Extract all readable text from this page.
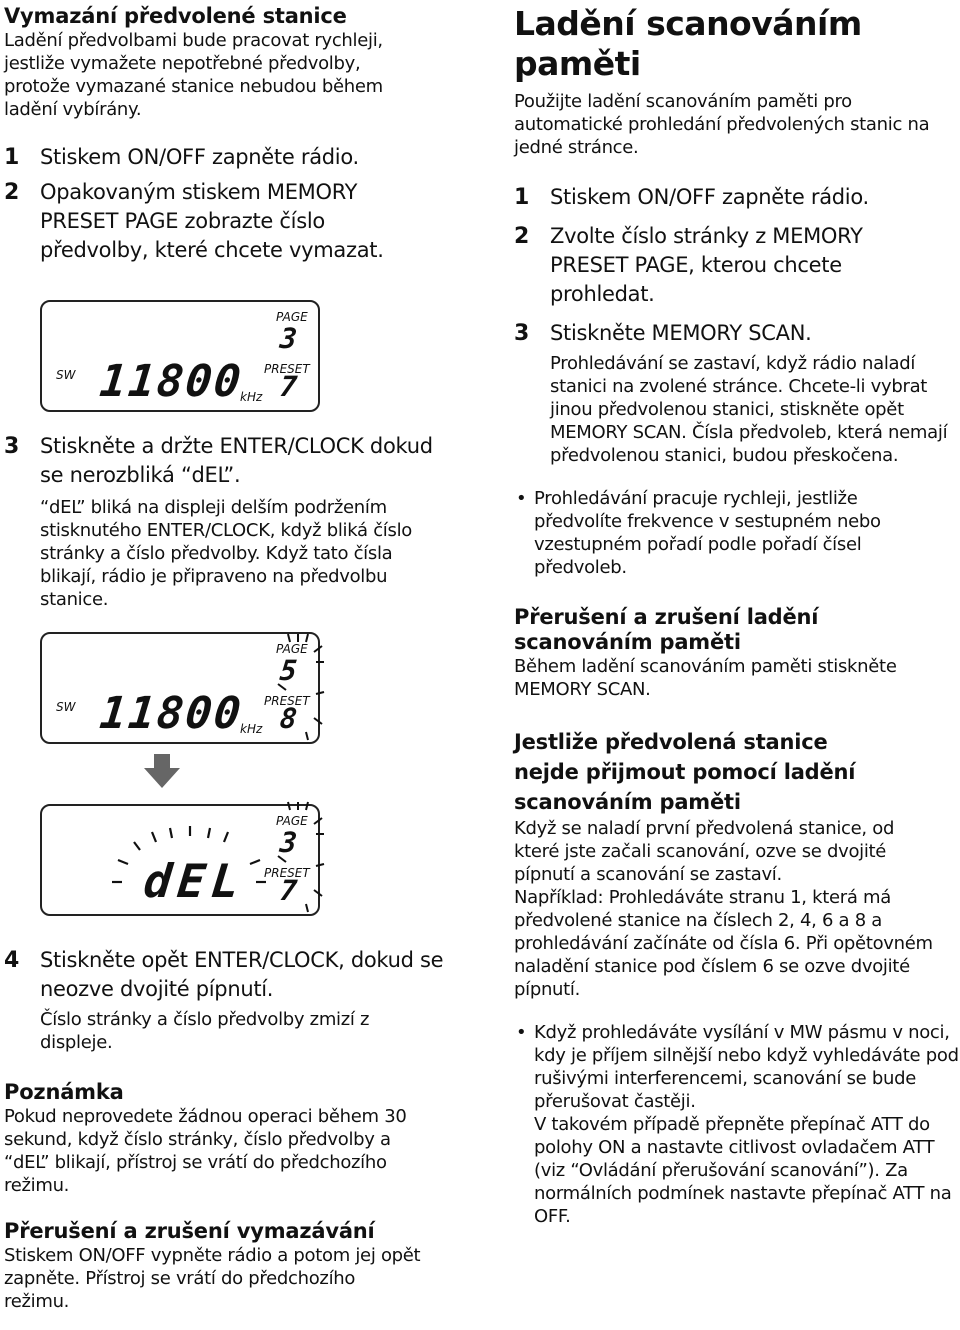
Vymazání předvolené stanice

Ladění předvolbami bude pracovat rychleji, jestliže vymažete nepotřebné předvolby, protože vymazané stanice nebudou během ladění vybírány.

1 Stiskem ON/OFF zapněte rádio.
2 Opakovaným stiskem MEMORY PRESET PAGE zobrazte číslo předvolby, které chcete vymazat.
SW 11800
kHz
PAGE
3
PRESET
7
3 Stiskněte a držte ENTER/CLOCK dokud se nerozbliká “dEL”.
“dEL” bliká na displeji delším podržením stisknutého ENTER/CLOCK, když bliká číslo stránky a číslo předvolby. Když tato čísla blikají, rádio je připraveno na předvolbu stanice.
SW 11800
kHz
PAGE
5
PRESET
8
dEL
PAGE
3
PRESET
7
4 Stiskněte opět ENTER/CLOCK, dokud se neozve dvojité pípnutí.
Číslo stránky a číslo předvolby zmizí z displeje.
Poznámka

Pokud neprovedete žádnou operaci během 30 sekund, když číslo stránky, číslo předvolby a “dEL” blikají, přístroj se vrátí do předchozího režimu.

Přerušení a zrušení vymazávání

Stiskem ON/OFF vypněte rádio a potom jej opět zapněte. Přístroj se vrátí do předchozího režimu.

Ladění scanováním paměti

Použijte ladění scanováním paměti pro automatické prohledání předvolených stanic na jedné stránce.

1 Stiskem ON/OFF zapněte rádio.
2 Zvolte číslo stránky z MEMORY PRESET PAGE, kterou chcete prohledat.
3 Stiskněte MEMORY SCAN.
Prohledávání se zastaví, když rádio naladí stanici na zvolené stránce. Chcete-li vybrat jinou předvolenou stanici, stiskněte opět MEMORY SCAN. Čísla předvoleb, která nemají předvolenou stanici, budou přeskočena.
• Prohledávání pracuje rychleji, jestliže předvolíte frekvence v sestupném nebo vzestupném pořadí podle pořadí čísel předvoleb.
Přerušení a zrušení ladění scanováním paměti

Během ladění scanováním paměti stiskněte MEMORY SCAN.

Jestliže předvolená stanice nejde přijmout pomocí ladění scanováním paměti

Když se naladí první předvolená stanice, od které jste začali scanování, ozve se dvojité pípnutí a scanování se zastaví.

Například: Prohledáváte stranu 1, která má předvolené stanice na číslech 2, 4, 6 a 8 a prohledávání začínáte od čísla 6. Při opětovném naladění stanice pod číslem 6 se ozve dvojité pípnutí.

• Když prohledáváte vysílání v MW pásmu v noci, kdy je příjem silnější nebo když vyhledáváte pod rušivými interferencemi, scanování se bude přerušovat častěji.
V takovém případě přepněte přepínač ATT do polohy ON a nastavte citlivost ovladačem ATT (viz “Ovládání přerušování scanování”). Za normálních podmínek nastavte přepínač ATT na OFF.
